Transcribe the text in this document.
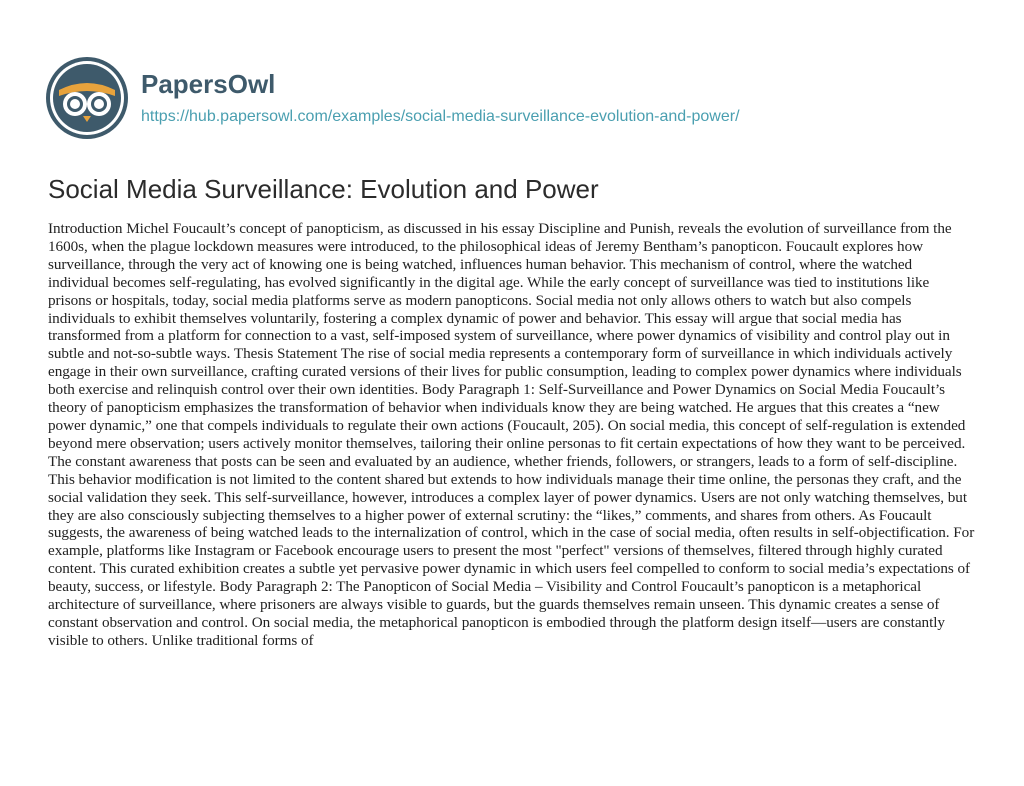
PapersOwl
https://hub.papersowl.com/examples/social-media-surveillance-evolution-and-power/
Social Media Surveillance: Evolution and Power

Introduction Michel Foucault’s concept of panopticism, as discussed in his essay Discipline and Punish, reveals the evolution of surveillance from the 1600s, when the plague lockdown measures were introduced, to the philosophical ideas of Jeremy Bentham’s panopticon. Foucault explores how surveillance, through the very act of knowing one is being watched, influences human behavior. This mechanism of control, where the watched individual becomes self-regulating, has evolved significantly in the digital age. While the early concept of surveillance was tied to institutions like prisons or hospitals, today, social media platforms serve as modern panopticons. Social media not only allows others to watch but also compels individuals to exhibit themselves voluntarily, fostering a complex dynamic of power and behavior. This essay will argue that social media has transformed from a platform for connection to a vast, self-imposed system of surveillance, where power dynamics of visibility and control play out in subtle and not-so-subtle ways. Thesis Statement The rise of social media represents a contemporary form of surveillance in which individuals actively engage in their own surveillance, crafting curated versions of their lives for public consumption, leading to complex power dynamics where individuals both exercise and relinquish control over their own identities. Body Paragraph 1: Self-Surveillance and Power Dynamics on Social Media Foucault’s theory of panopticism emphasizes the transformation of behavior when individuals know they are being watched. He argues that this creates a “new power dynamic,” one that compels individuals to regulate their own actions (Foucault, 205). On social media, this concept of self-regulation is extended beyond mere observation; users actively monitor themselves, tailoring their online personas to fit certain expectations of how they want to be perceived. The constant awareness that posts can be seen and evaluated by an audience, whether friends, followers, or strangers, leads to a form of self-discipline. This behavior modification is not limited to the content shared but extends to how individuals manage their time online, the personas they craft, and the social validation they seek. This self-surveillance, however, introduces a complex layer of power dynamics. Users are not only watching themselves, but they are also consciously subjecting themselves to a higher power of external scrutiny: the “likes,” comments, and shares from others. As Foucault suggests, the awareness of being watched leads to the internalization of control, which in the case of social media, often results in self-objectification. For example, platforms like Instagram or Facebook encourage users to present the most "perfect" versions of themselves, filtered through highly curated content. This curated exhibition creates a subtle yet pervasive power dynamic in which users feel compelled to conform to social media’s expectations of beauty, success, or lifestyle. Body Paragraph 2: The Panopticon of Social Media – Visibility and Control Foucault’s panopticon is a metaphorical architecture of surveillance, where prisoners are always visible to guards, but the guards themselves remain unseen. This dynamic creates a sense of constant observation and control. On social media, the metaphorical panopticon is embodied through the platform design itself—users are constantly visible to others. Unlike traditional forms of
